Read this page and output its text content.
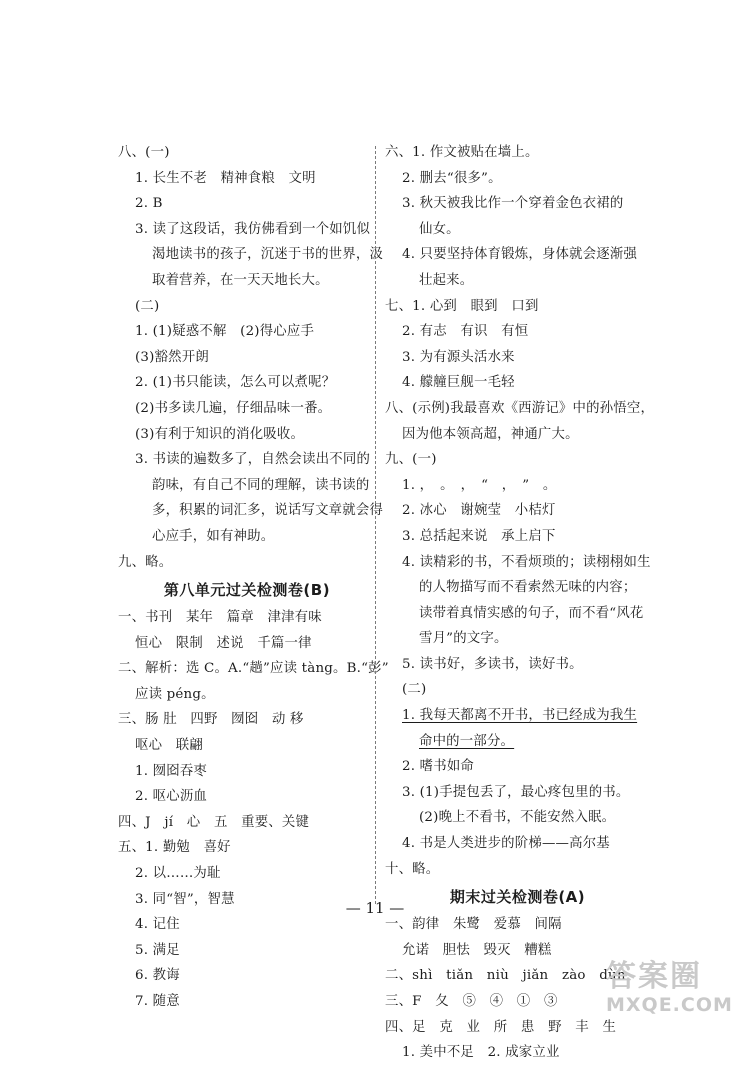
八、(一)
1. 长生不老　精神食粮　文明
2. B
3. 读了这段话，我仿佛看到一个如饥似
渴地读书的孩子，沉迷于书的世界，汲
取着营养，在一天天地长大。
(二)
1. (1)疑惑不解　(2)得心应手
(3)豁然开朗
2. (1)书只能读，怎么可以煮呢？
(2)书多读几遍，仔细品味一番。
(3)有利于知识的消化吸收。
3. 书读的遍数多了，自然会读出不同的
韵味，有自己不同的理解，读书读的
多，积累的词汇多，说话写文章就会得
心应手，如有神助。
九、略。
第八单元过关检测卷(B)
一、书刊　某年　篇章　津津有味
恒心　限制　述说　千篇一律
二、解析：选 C。A.“趟”应读 tàng。B.“彭”
应读 péng。
三、肠 肚　四野　囫囵　动 移
呕心　联翩
1. 囫囵吞枣
2. 呕心沥血
四、J　jí　心　五　重要、关键
五、1. 勤勉　喜好
2. 以……为耻
3. 同“智”，智慧
4. 记住
5. 满足
6. 教诲
7. 随意
六、1. 作文被贴在墙上。
2. 删去“很多”。
3. 秋天被我比作一个穿着金色衣裙的
仙女。
4. 只要坚持体育锻炼，身体就会逐渐强
壮起来。
七、1. 心到　眼到　口到
2. 有志　有识　有恒
3. 为有源头活水来
4. 艨艟巨舰一毛轻
八、(示例)我最喜欢《西游记》中的孙悟空，
因为他本领高超，神通广大。
九、(一)
1. ，　。　，　“　，　”　。
2. 冰心　谢婉莹　小桔灯
3. 总括起来说　承上启下
4. 读精彩的书，不看烦琐的；读栩栩如生
的人物描写而不看索然无味的内容；
读带着真情实感的句子，而不看“风花
雪月”的文字。
5. 读书好，多读书，读好书。
(二)
1. 我每天都离不开书，书已经成为我生
命中的一部分。
2. 嗜书如命
3. (1)手提包丢了，最心疼包里的书。
(2)晚上不看书，不能安然入眠。
4. 书是人类进步的阶梯——高尔基
十、略。
期末过关检测卷(A)
一、韵律　朱鹭　爱慕　间隔
允诺　胆怯　毁灭　糟糕
二、shì　tiǎn　niù　jiǎn　zào　dùn
三、F　夂　⑤　④　①　③
四、足　克　业　所　患　野　丰　生
1. 美中不足　2. 成家立业
— 11 —
答案圈
MXQE.COM
